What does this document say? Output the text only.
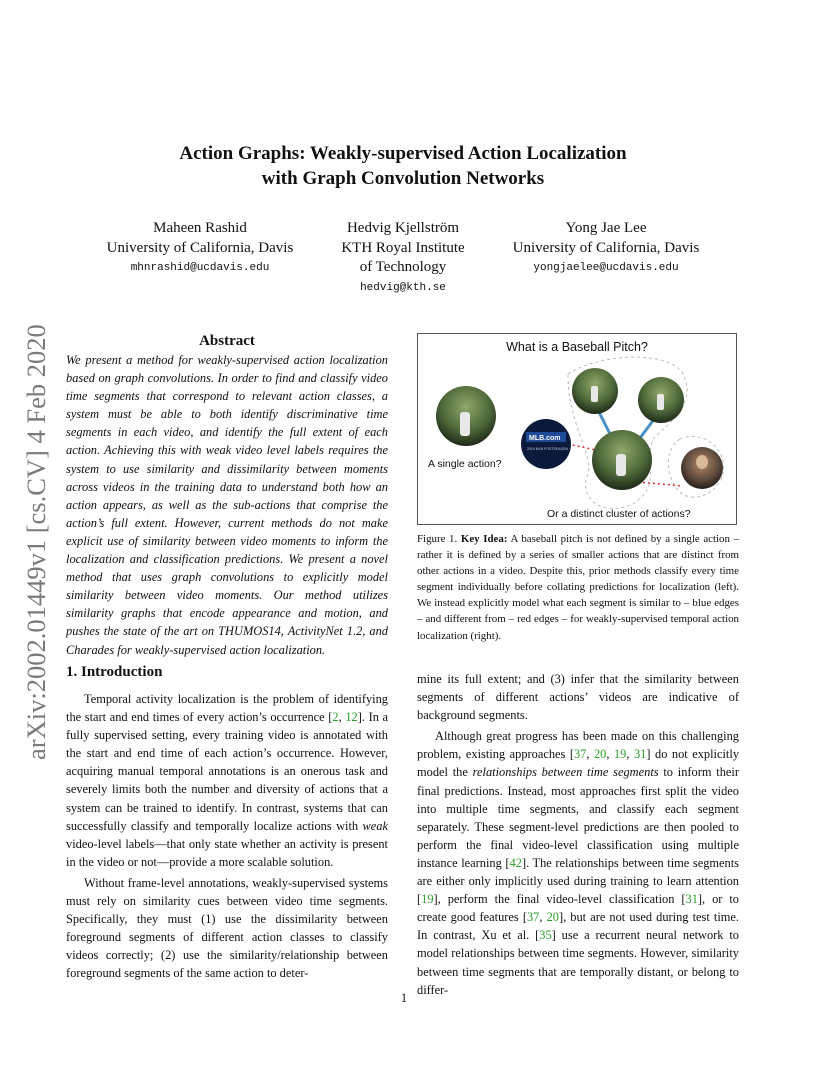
arXiv:2002.01449v1 [cs.CV] 4 Feb 2020
Action Graphs: Weakly-supervised Action Localization
with Graph Convolution Networks
Maheen Rashid
University of California, Davis
mhnrashid@ucdavis.edu
Hedvig Kjellström
KTH Royal Institute
of Technology
hedvig@kth.se
Yong Jae Lee
University of California, Davis
yongjaelee@ucdavis.edu
Abstract
We present a method for weakly-supervised action localization based on graph convolutions. In order to find and classify video time segments that correspond to relevant action classes, a system must be able to both identify discriminative time segments in each video, and identify the full extent of each action. Achieving this with weak video level labels requires the system to use similarity and dissimilarity between moments across videos in the training data to understand both how an action appears, as well as the sub-actions that comprise the action’s full extent. However, current methods do not make explicit use of similarity between video moments to inform the localization and classification predictions. We present a novel method that uses graph convolutions to explicitly model similarity between video moments. Our method utilizes similarity graphs that encode appearance and motion, and pushes the state of the art on THUMOS14, ActivityNet 1.2, and Charades for weakly-supervised action localization.
MLB.com
2015 MLB POSTSEASON
What is a Baseball Pitch?
A single action?
Or a distinct cluster of actions?
Figure 1. Key Idea: A baseball pitch is not defined by a single action – rather it is defined by a series of smaller actions that are distinct from other actions in a video. Despite this, prior methods classify every time segment individually before collating predictions for localization (left). We instead explicitly model what each segment is similar to – blue edges – and different from – red edges – for weakly-supervised temporal action localization (right).
1. Introduction

Temporal activity localization is the problem of identifying the start and end times of every action’s occurrence [2, 12]. In a fully supervised setting, every training video is annotated with the start and end time of each action’s occurrence. However, acquiring manual temporal annotations is an onerous task and severely limits both the number and diversity of actions that a system can be trained to identify. In contrast, systems that can successfully classify and temporally localize actions with weak video-level labels—that only state whether an activity is present in the video or not—provide a more scalable solution.

Without frame-level annotations, weakly-supervised systems must rely on similarity cues between video time segments. Specifically, they must (1) use the dissimilarity between foreground segments of different action classes to classify videos correctly; (2) use the similarity/relationship between foreground segments of the same action to deter-

mine its full extent; and (3) infer that the similarity between segments of different actions’ videos are indicative of background segments.

Although great progress has been made on this challenging problem, existing approaches [37, 20, 19, 31] do not explicitly model the relationships between time segments to inform their final predictions. Instead, most approaches first split the video into multiple time segments, and classify each segment separately. These segment-level predictions are then pooled to perform the final video-level classification using multiple instance learning [42]. The relationships between time segments are either only implicitly used during training to learn attention [19], perform the final video-level classification [31], or to create good features [37, 20], but are not used during test time. In contrast, Xu et al. [35] use a recurrent neural network to model relationships between time segments. However, similarity between time segments that are temporally distant, or belong to differ-

1
